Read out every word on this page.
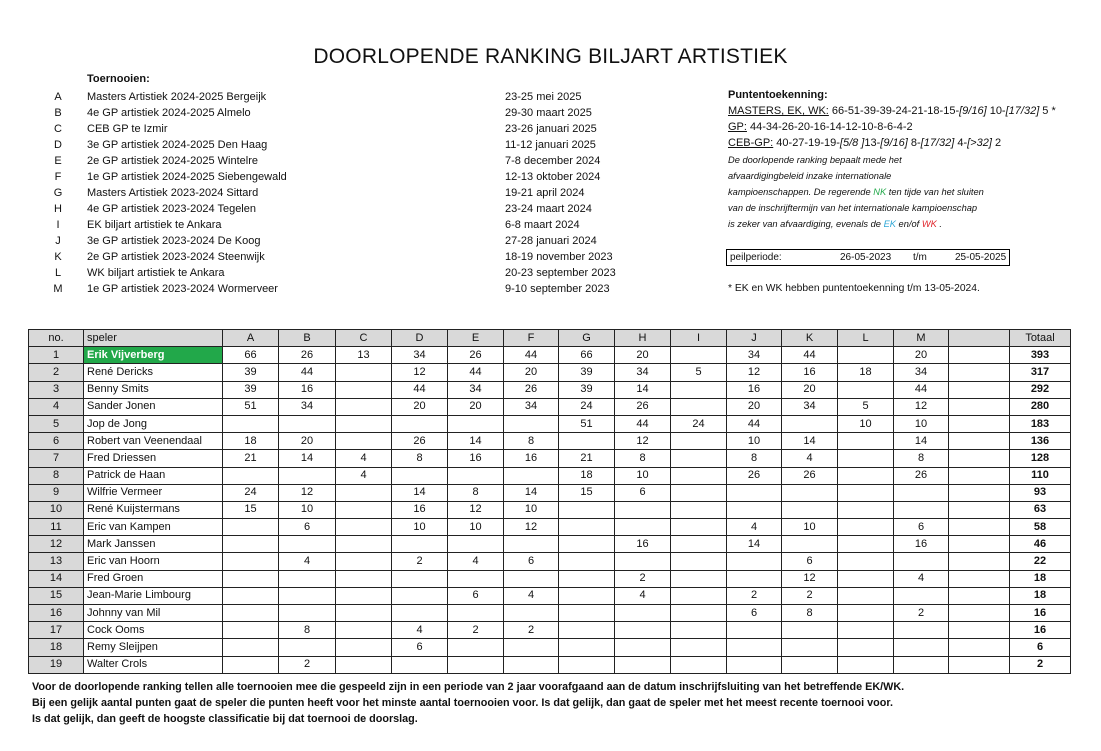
DOORLOPENDE RANKING BILJART ARTISTIEK
Toernooien:
A	Masters Artistiek 2024-2025 Bergeijk	23-25 mei 2025
B	4e GP artistiek 2024-2025 Almelo	29-30 maart 2025
C	CEB GP te Izmir	23-26 januari 2025
D	3e GP artistiek 2024-2025 Den Haag	11-12 januari 2025
E	2e GP artistiek 2024-2025 Wintelre	7-8 december 2024
F	1e GP artistiek 2024-2025 Siebengewald	12-13 oktober 2024
G	Masters Artistiek 2023-2024 Sittard	19-21 april 2024
H	4e GP artistiek 2023-2024 Tegelen	23-24 maart 2024
I	EK biljart artistiek te Ankara	6-8 maart 2024
J	3e GP artistiek 2023-2024 De Koog	27-28 januari 2024
K	2e GP artistiek 2023-2024 Steenwijk	18-19 november 2023
L	WK biljart artistiek te Ankara	20-23 september 2023
M	1e GP artistiek 2023-2024 Wormerveer	9-10 september 2023
Puntentoekenning:
MASTERS, EK, WK: 66-51-39-39-24-21-18-15-[9/16] 10-[17/32] 5 *
GP: 44-34-26-20-16-14-12-10-8-6-4-2
CEB-GP: 40-27-19-19-[5/8 ]13-[9/16] 8-[17/32] 4-[>32] 2
De doorlopende ranking bepaalt mede het
afvaardigingbeleid inzake internationale
kampioenschappen. De regerende NK ten tijde van het sluiten
van de inschrijftermijn van het internationale kampioenschap
is zeker van afvaardiging, evenals de EK en/of WK .
peilperiode:	26-05-2023 t/m	25-05-2025
* EK en WK hebben puntentoekenning t/m 13-05-2024.
no.	speler	A	B	C	D	E	F	G	H	I	J	K	L	M		Totaal
1	Erik Vijverberg	66	26	13	34	26	44	66	20		34	44		20		393
2	René Dericks	39	44		12	44	20	39	34	5	12	16	18	34		317
3	Benny Smits	39	16		44	34	26	39	14		16	20		44		292
4	Sander Jonen	51	34		20	20	34	24	26		20	34	5	12		280
5	Jop de Jong							51	44	24	44		10	10		183
6	Robert van Veenendaal	18	20		26	14	8		12		10	14		14		136
7	Fred Driessen	21	14	4	8	16	16	21	8		8	4		8		128
8	Patrick de Haan			4				18	10		26	26		26		110
9	Wilfrie Vermeer	24	12		14	8	14	15	6							93
10	René Kuijstermans	15	10		16	12	10									63
11	Eric van Kampen		6		10	10	12				4	10		6		58
12	Mark Janssen								16		14			16		46
13	Eric van Hoorn		4		2	4	6					6				22
14	Fred Groen								2			12		4		18
15	Jean-Marie Limbourg					6	4		4		2	2				18
16	Johnny van Mil										6	8		2		16
17	Cock Ooms		8		4	2	2									16
18	Remy Sleijpen				6											6
19	Walter Crols		2													2
Voor de doorlopende ranking tellen alle toernooien mee die gespeeld zijn in een periode van 2 jaar voorafgaand aan de datum inschrijfsluiting van het betreffende EK/WK.
Bij een gelijk aantal punten gaat de speler die punten heeft voor het minste aantal toernooien voor. Is dat gelijk, dan gaat de speler met het meest recente toernooi voor.
Is dat gelijk, dan geeft de hoogste classificatie bij dat toernooi de doorslag.
